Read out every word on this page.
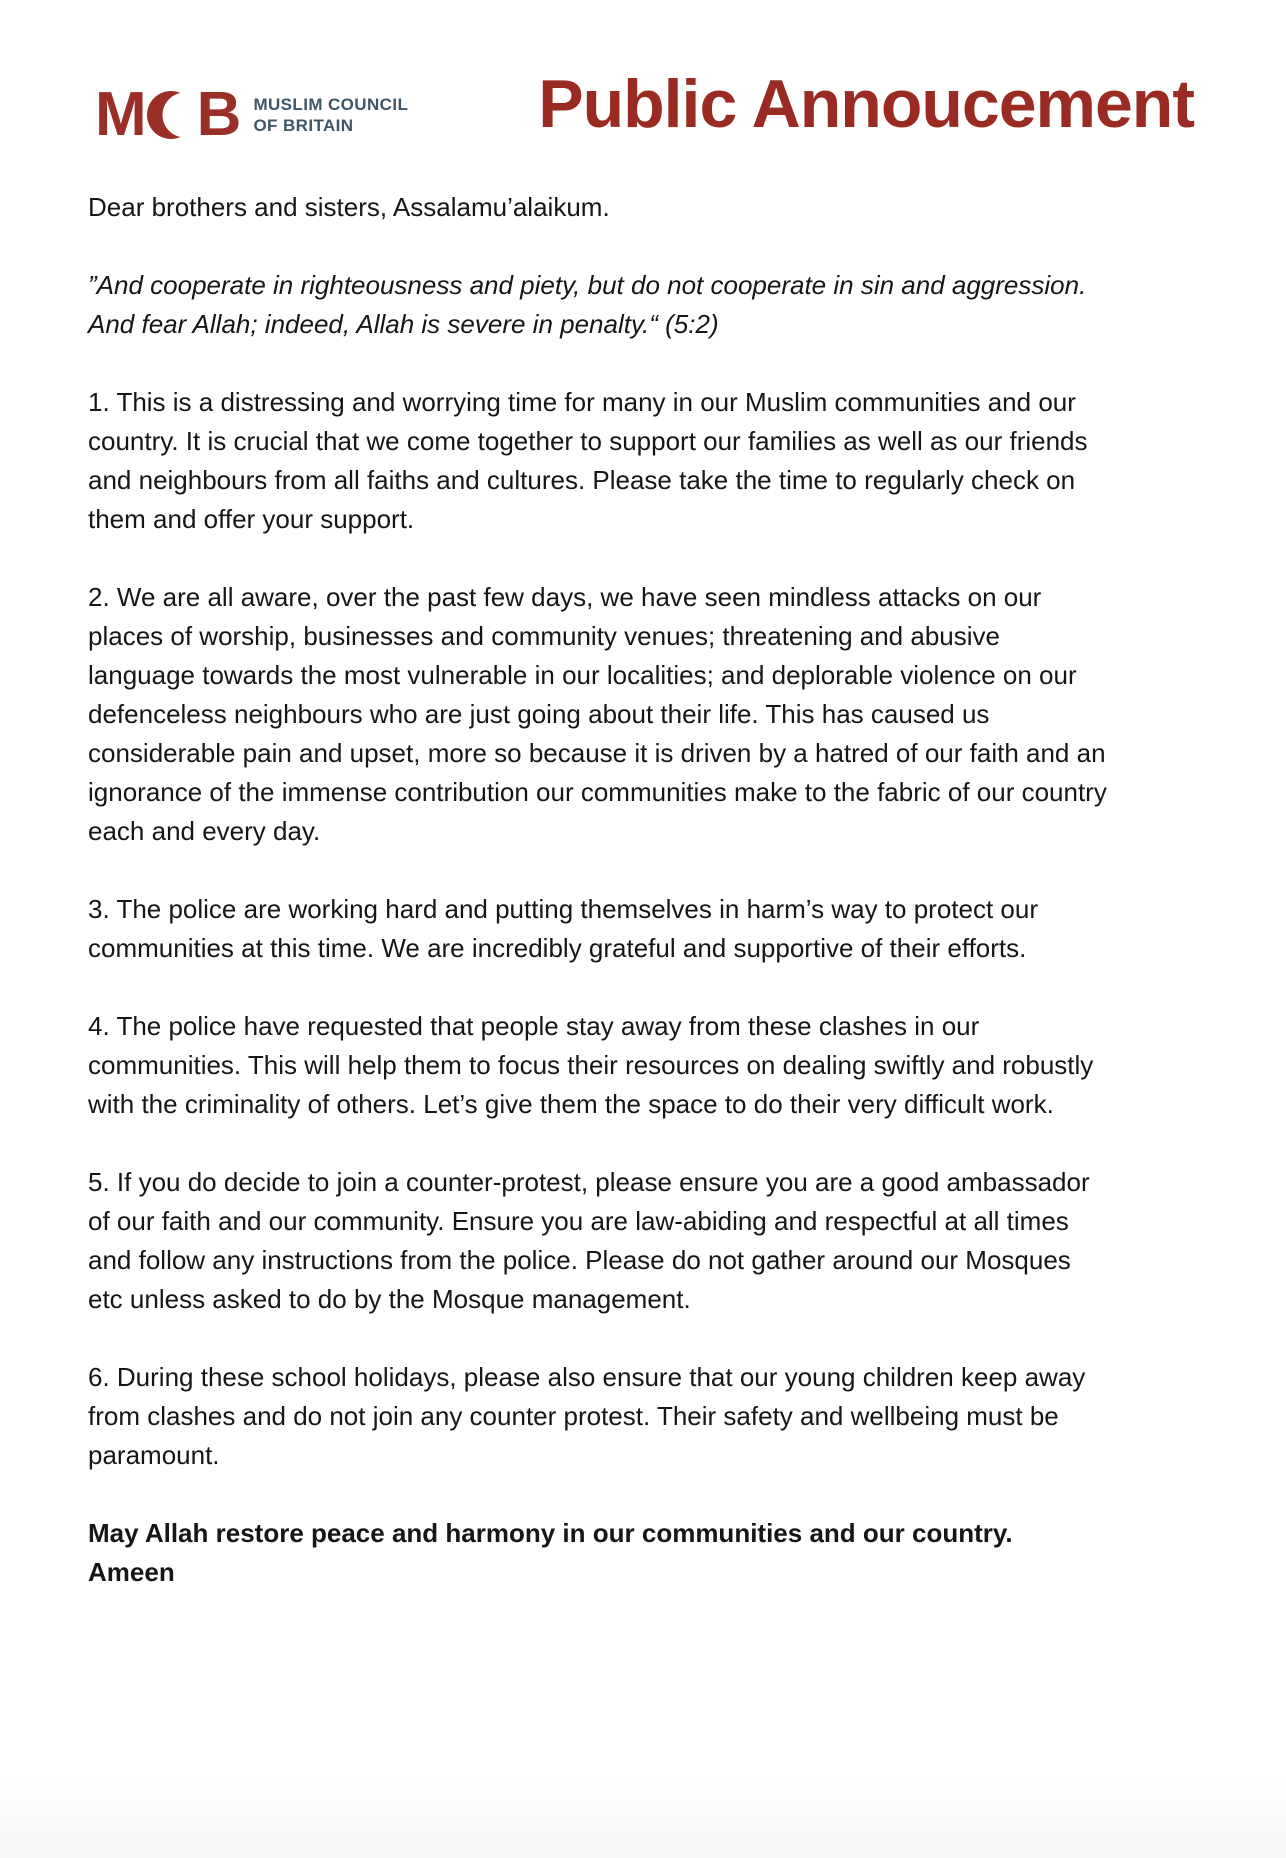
M B MUSLIM COUNCIL
OF BRITAIN	Public Annoucement

Dear brothers and sisters, Assalamu’alaikum.

”And cooperate in righteousness and piety, but do not cooperate in sin and aggression. And fear Allah; indeed, Allah is severe in penalty.“ (5:2)

1. This is a distressing and worrying time for many in our Muslim communities and our country. It is crucial that we come together to support our families as well as our friends and neighbours from all faiths and cultures. Please take the time to regularly check on them and offer your support.

2. We are all aware, over the past few days, we have seen mindless attacks on our places of worship, businesses and community venues; threatening and abusive language towards the most vulnerable in our localities; and deplorable violence on our defenceless neighbours who are just going about their life. This has caused us considerable pain and upset, more so because it is driven by a hatred of our faith and an ignorance of the immense contribution our communities make to the fabric of our country each and every day.

3. The police are working hard and putting themselves in harm’s way to protect our communities at this time. We are incredibly grateful and supportive of their efforts.

4. The police have requested that people stay away from these clashes in our communities. This will help them to focus their resources on dealing swiftly and robustly with the criminality of others. Let’s give them the space to do their very difficult work.

5. If you do decide to join a counter-protest, please ensure you are a good ambassador of our faith and our community. Ensure you are law-abiding and respectful at all times and follow any instructions from the police. Please do not gather around our Mosques etc unless asked to do by the Mosque management.

6. During these school holidays, please also ensure that our young children keep away from clashes and do not join any counter protest. Their safety and wellbeing must be paramount.

May Allah restore peace and harmony in our communities and our country.
Ameen
